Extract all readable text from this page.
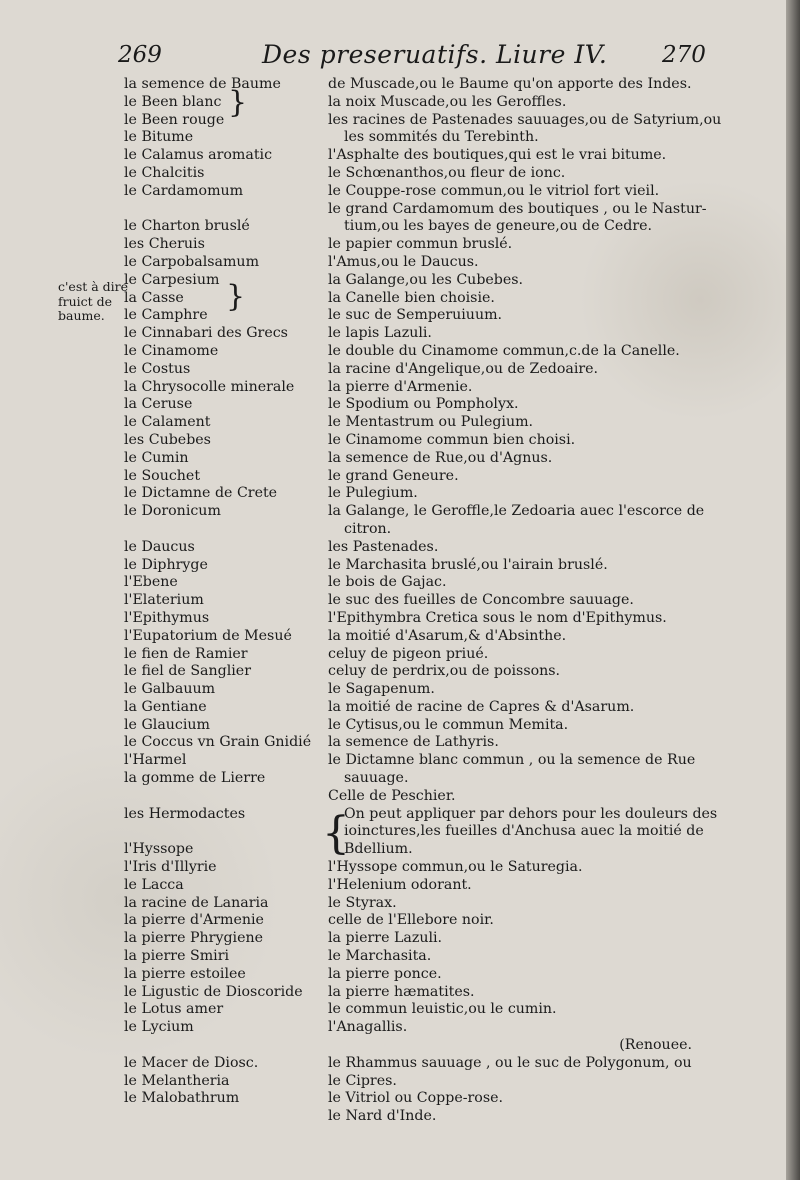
269	Des preseruatifs. Liure IV. 270
c'est à dire
fruict de
baume.
la semence de Baume
le Been blanc
le Been rouge
le Bitume
le Calamus aromatic
le Chalcitis
le Cardamomum
le Charton bruslé
les Cheruis
le Carpobalsamum
le Carpesium
la Casse
le Camphre
le Cinnabari des Grecs
le Cinamome
le Costus
la Chrysocolle minerale
la Ceruse
le Calament
les Cubebes
le Cumin
le Souchet
le Dictamne de Crete
le Doronicum
le Daucus
le Diphryge
l'Ebene
l'Elaterium
l'Epithymus
l'Eupatorium de Mesué
le fien de Ramier
le fiel de Sanglier
le Galbauum
la Gentiane
le Glaucium
le Coccus vn Grain Gnidié
l'Harmel
la gomme de Lierre
les Hermodactes
l'Hyssope
l'Iris d'Illyrie
le Lacca
la racine de Lanaria
la pierre d'Armenie
la pierre Phrygiene
la pierre Smiri
la pierre estoilee
le Ligustic de Dioscoride
le Lotus amer
le Lycium
le Macer de Diosc.
le Melantheria
le Malobathrum
de Muscade,ou le Baume qu'on apporte des Indes.
la noix Muscade,ou les Geroffles.
les racines de Pastenades sauuages,ou de Satyrium,ou
les sommités du Terebinth.
l'Asphalte des boutiques,qui est le vrai bitume.
le Schœnanthos,ou fleur de ionc.
le Couppe-rose commun,ou le vitriol fort vieil.
le grand Cardamomum des boutiques , ou le Nastur-
tium,ou les bayes de geneure,ou de Cedre.
le papier commun bruslé.
l'Amus,ou le Daucus.
la Galange,ou les Cubebes.
la Canelle bien choisie.
le suc de Semperuiuum.
le lapis Lazuli.
le double du Cinamome commun,c.de la Canelle.
la racine d'Angelique,ou de Zedoaire.
la pierre d'Armenie.
le Spodium ou Pompholyx.
le Mentastrum ou Pulegium.
le Cinamome commun bien choisi.
la semence de Rue,ou d'Agnus.
le grand Geneure.
le Pulegium.
la Galange, le Geroffle,le Zedoaria auec l'escorce de
citron.
les Pastenades.
le Marchasita bruslé,ou l'airain bruslé.
le bois de Gajac.
le suc des fueilles de Concombre sauuage.
l'Epithymbra Cretica sous le nom d'Epithymus.
la moitié d'Asarum,& d'Absinthe.
celuy de pigeon priué.
celuy de perdrix,ou de poissons.
le Sagapenum.
la moitié de racine de Capres & d'Asarum.
le Cytisus,ou le commun Memita.
la semence de Lathyris.
le Dictamne blanc commun , ou la semence de Rue
sauuage.
Celle de Peschier.
On peut appliquer par dehors pour les douleurs des
ioinctures,les fueilles d'Anchusa auec la moitié de
Bdellium.
l'Hyssope commun,ou le Saturegia.
l'Helenium odorant.
le Styrax.
celle de l'Ellebore noir.
la pierre Lazuli.
le Marchasita.
la pierre ponce.
la pierre hæmatites.
le commun leuistic,ou le cumin.
l'Anagallis.
(Renouee.
le Rhammus sauuage , ou le suc de Polygonum, ou
le Cipres.
le Vitriol ou Coppe-rose.
le Nard d'Inde.
}
}
{
